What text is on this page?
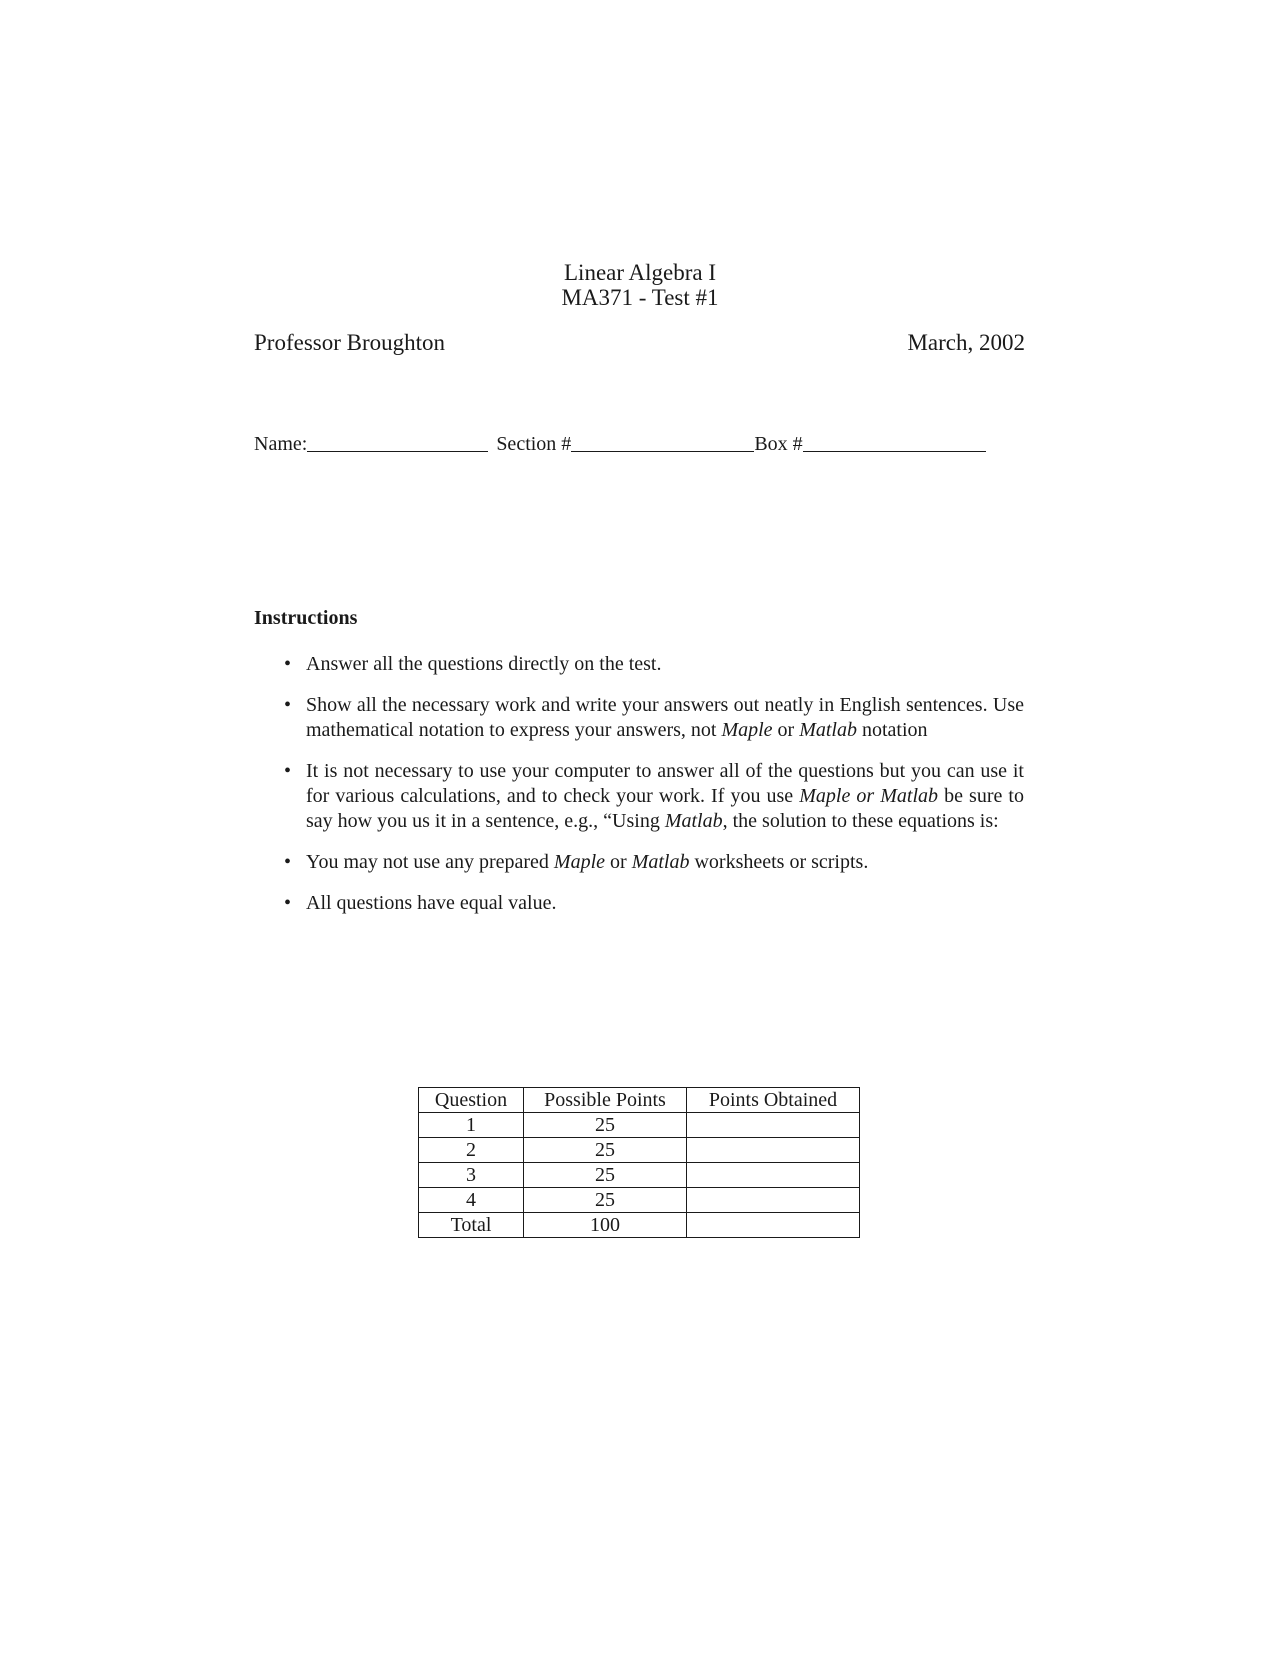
Linear Algebra I
MA371 - Test #1
Professor Broughton	March, 2002
Name:	Section #	Box #
Instructions
• Answer all the questions directly on the test.
• Show all the necessary work and write your answers out neatly in English sentences. Use mathematical notation to express your answers, not Maple or Matlab notation
• It is not necessary to use your computer to answer all of the questions but you can use it for various calculations, and to check your work. If you use Maple or Matlab be sure to say how you us it in a sentence, e.g., “Using Matlab, the solution to these equations is:
• You may not use any prepared Maple or Matlab worksheets or scripts.
• All questions have equal value.
Question	Possible Points	Points Obtained
1	25	
2	25	
3	25	
4	25	
Total	100	
